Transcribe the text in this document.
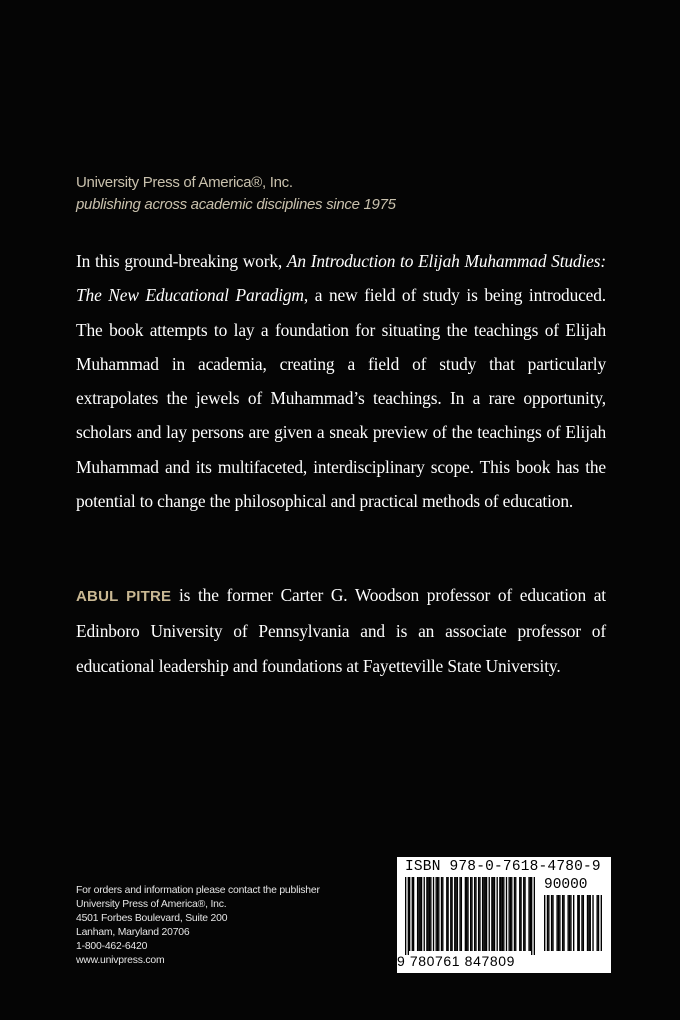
University Press of America®, Inc.
publishing across academic disciplines since 1975

In this ground-breaking work, An Introduction to Elijah Muhammad Studies: The New Educational Paradigm, a new field of study is being introduced. The book attempts to lay a foundation for situating the teachings of Elijah Muhammad in academia, creating a field of study that particularly extrapolates the jewels of Muhammad’s teachings. In a rare opportunity, scholars and lay persons are given a sneak preview of the teachings of Elijah Muhammad and its multifaceted, interdisciplinary scope. This book has the potential to change the philosophical and practical methods of education.

ABUL PITRE is the former Carter G. Woodson professor of education at Edinboro University of Pennsylvania and is an associate professor of educational leadership and foundations at Fayetteville State University.

For orders and information please contact the publisher
University Press of America®, Inc.
4501 Forbes Boulevard, Suite 200
Lanham, Maryland 20706
1-800-462-6420
www.univpress.com
ISBN 978-0-7618-4780-9
90000
9 780761 847809
